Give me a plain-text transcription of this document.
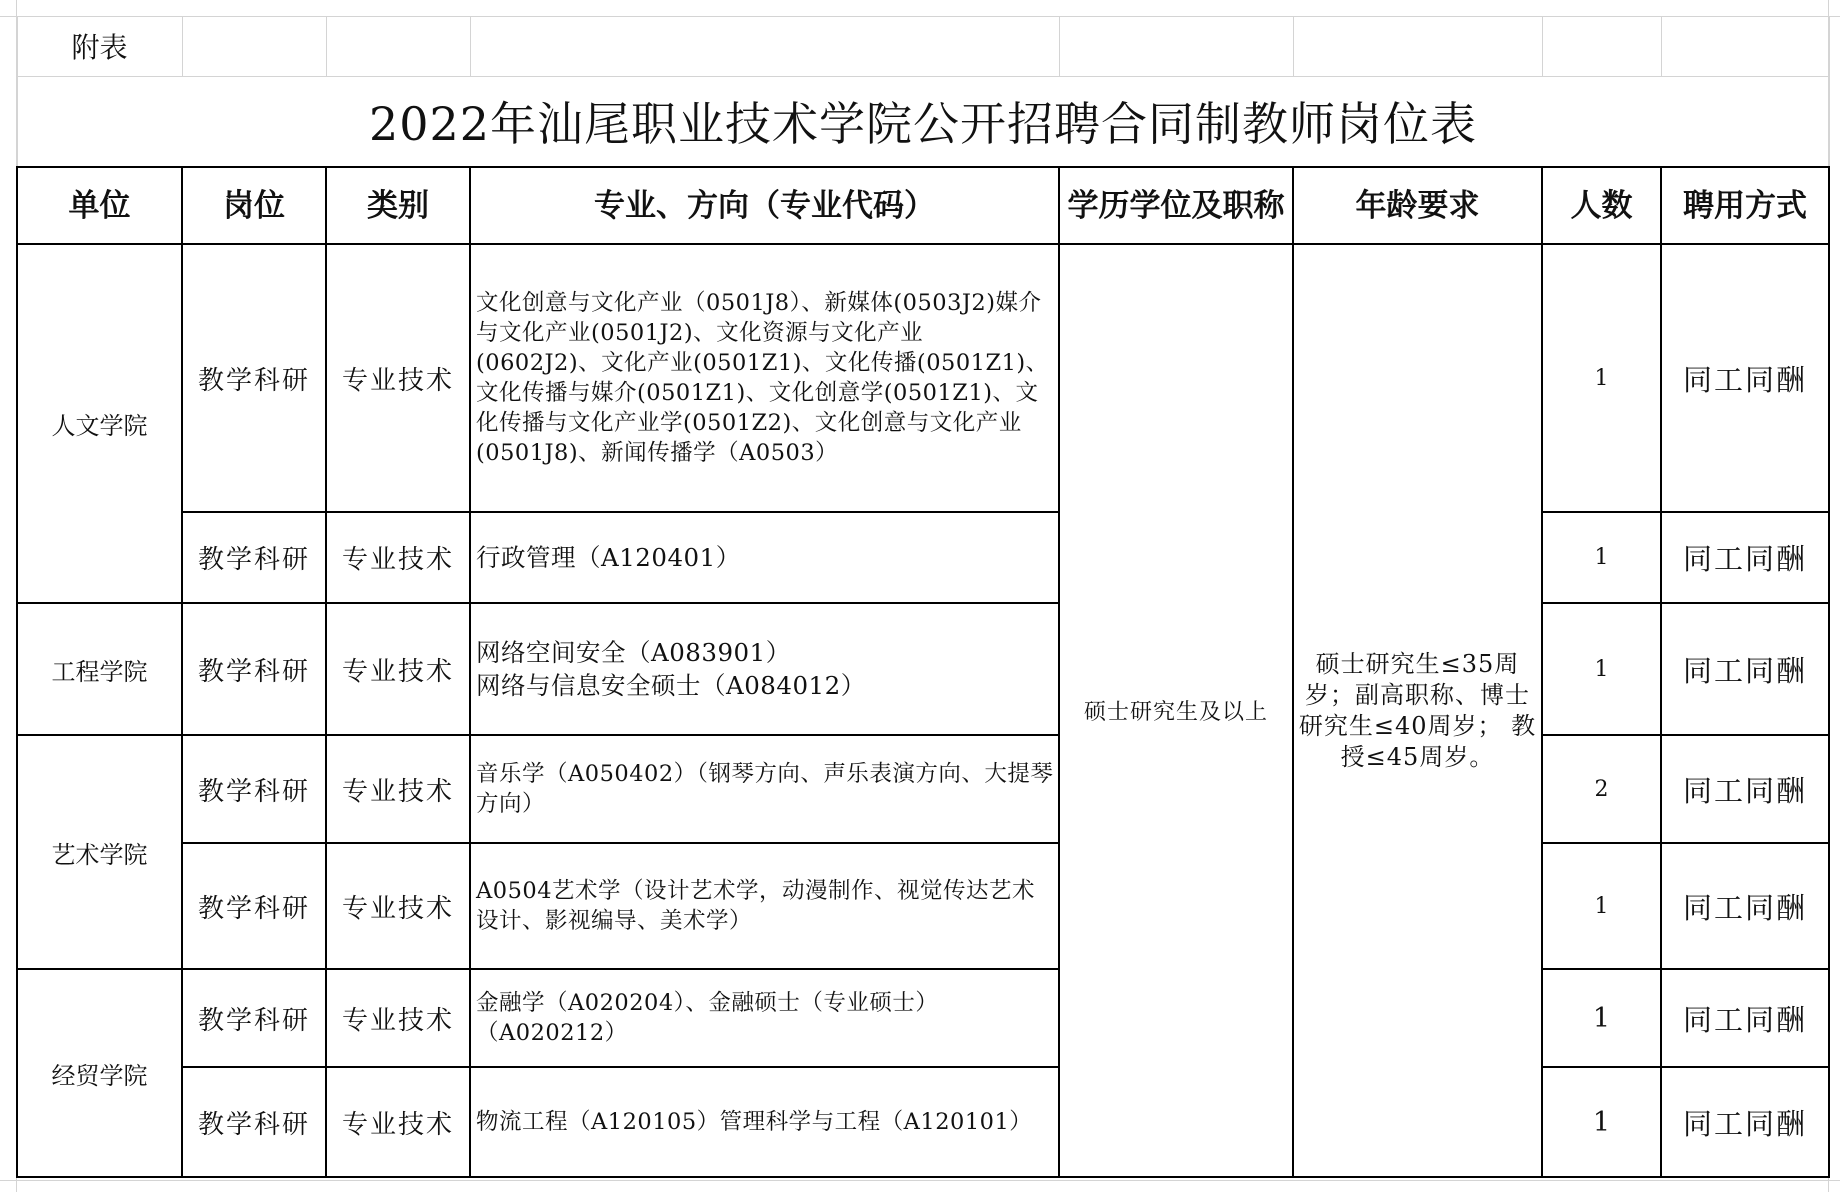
附表							
2022年汕尾职业技术学院公开招聘合同制教师岗位表							
单位	岗位	类别	专业、方向（专业代码）	学历学位及职称	年龄要求	人数	聘用方式
人文学院	教学科研	专业技术	文化创意与文化产业（0501J8）、新媒体(0503J2)媒介与文化产业(0501J2)、文化资源与文化产业 (0602J2)、文化产业(0501Z1)、文化传播(0501Z1)、文化传播与媒介(0501Z1)、文化创意学(0501Z1)、文化传播与文化产业学(0501Z2)、文化创意与文化产业(0501J8)、新闻传播学（A0503）	硕士研究生及以上	硕士研究生≤35周岁；副高职称、博士研究生≤40周岁； 教授≤45周岁。	1	同工同酬
	教学科研	专业技术	行政管理（A120401）			1	同工同酬
工程学院	教学科研	专业技术	网络空间安全（A083901）
网络与信息安全硕士（A084012）			1	同工同酬
艺术学院	教学科研	专业技术	音乐学（A050402）（钢琴方向、声乐表演方向、大提琴方向）			2	同工同酬
	教学科研	专业技术	A0504艺术学（设计艺术学，动漫制作、视觉传达艺术设计、影视编导、美术学）			1	同工同酬
经贸学院	教学科研	专业技术	金融学（A020204）、金融硕士（专业硕士）（A020212）			1	同工同酬
	教学科研	专业技术	物流工程（A120105）管理科学与工程（A120101）			1	同工同酬
